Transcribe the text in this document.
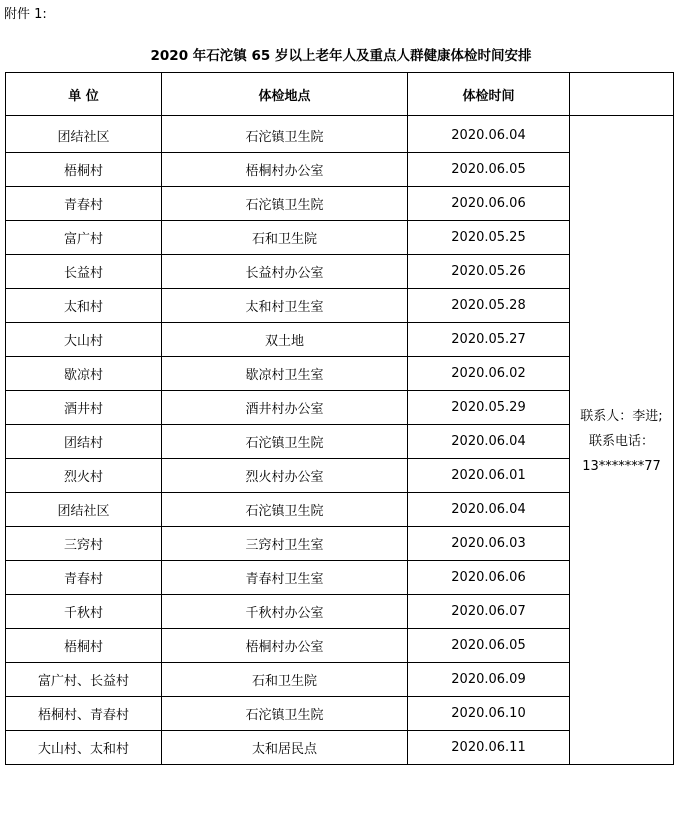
附件 1:
2020 年石沱镇 65 岁以上老年人及重点人群健康体检时间安排
单 位	体检地点	体检时间	
团结社区	石沱镇卫生院	2020.06.04	联系人：李进;
联系电话：
13*******77

梧桐村	梧桐村办公室	2020.06.05	
青春村	石沱镇卫生院	2020.06.06	
富广村	石和卫生院	2020.05.25	
长益村	长益村办公室	2020.05.26	
太和村	太和村卫生室	2020.05.28	
大山村	双土地	2020.05.27	
歇凉村	歇凉村卫生室	2020.06.02	
酒井村	酒井村办公室	2020.05.29	
团结村	石沱镇卫生院	2020.06.04	
烈火村	烈火村办公室	2020.06.01	
团结社区	石沱镇卫生院	2020.06.04	
三窍村	三窍村卫生室	2020.06.03	
青春村	青春村卫生室	2020.06.06	
千秋村	千秋村办公室	2020.06.07	
梧桐村	梧桐村办公室	2020.06.05	
富广村、长益村	石和卫生院	2020.06.09	
梧桐村、青春村	石沱镇卫生院	2020.06.10	
大山村、太和村	太和居民点	2020.06.11	
